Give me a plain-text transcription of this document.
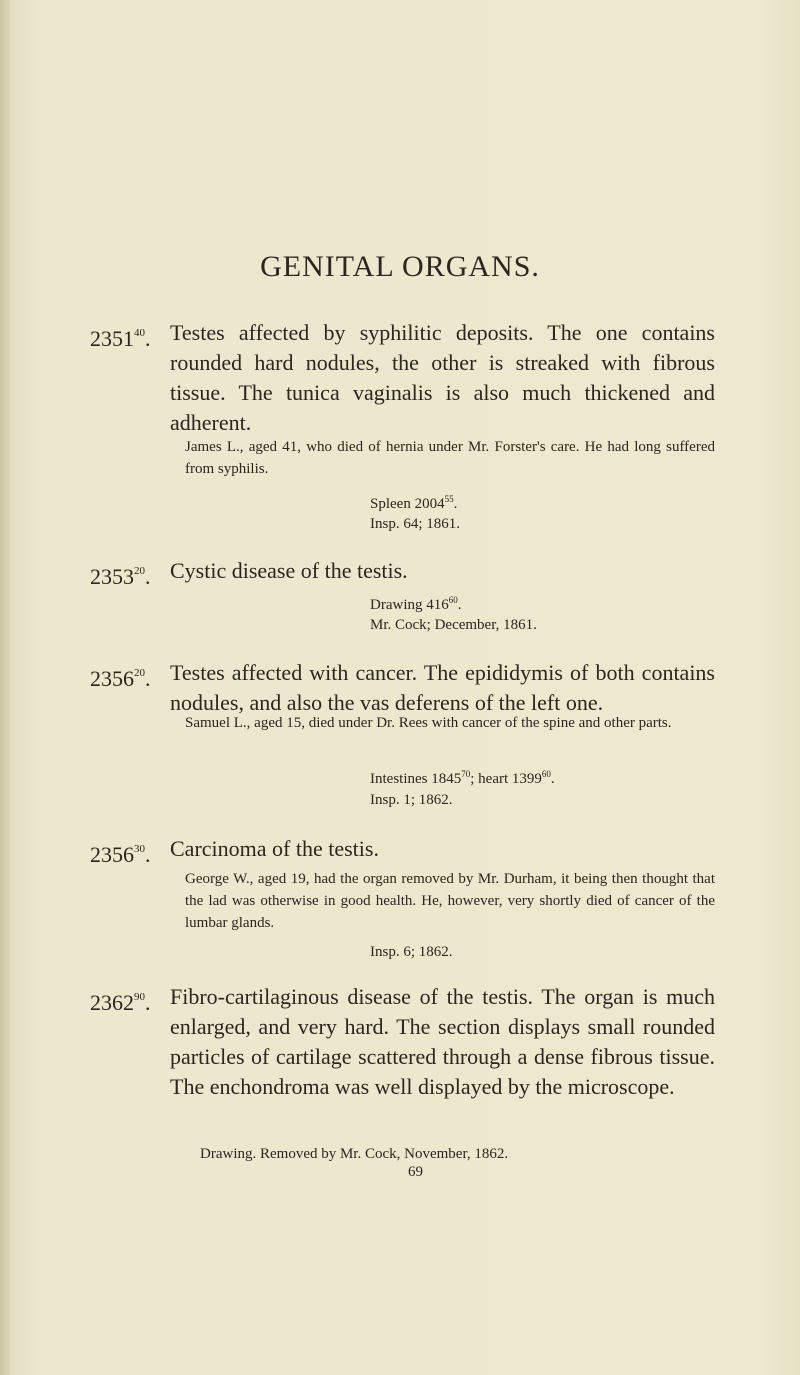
GENITAL ORGANS.
2351$^{40}$. Testes affected by syphilitic deposits. The one contains rounded hard nodules, the other is streaked with fibrous tissue. The tunica vaginalis is also much thickened and adherent.
James L., aged 41, who died of hernia under Mr. Forster's care. He had long suffered from syphilis.
Spleen 2004$^{55}$.
Insp. 64; 1861.
2353$^{20}$. Cystic disease of the testis.
Drawing $416^{60}$.
Mr. Cock; December, 1861.
2356$^{20}$. Testes affected with cancer. The epididymis of both contains nodules, and also the vas deferens of the left one.
Samuel L., aged 15, died under Dr. Rees with cancer of the spine and other parts.
Intestines 1845$^{70}$; heart 1399$^{60}$.
Insp. 1; 1862.
2356$^{30}$. Carcinoma of the testis.
George W., aged 19, had the organ removed by Mr. Durham, it being then thought that the lad was otherwise in good health. He, however, very shortly died of cancer of the lumbar glands.
Insp. 6; 1862.
2362$^{90}$. Fibro-cartilaginous disease of the testis. The organ is much enlarged, and very hard. The section displays small rounded particles of cartilage scattered through a dense fibrous tissue. The enchondroma was well displayed by the microscope.
Drawing. Removed by Mr. Cock, November, 1862.
69
